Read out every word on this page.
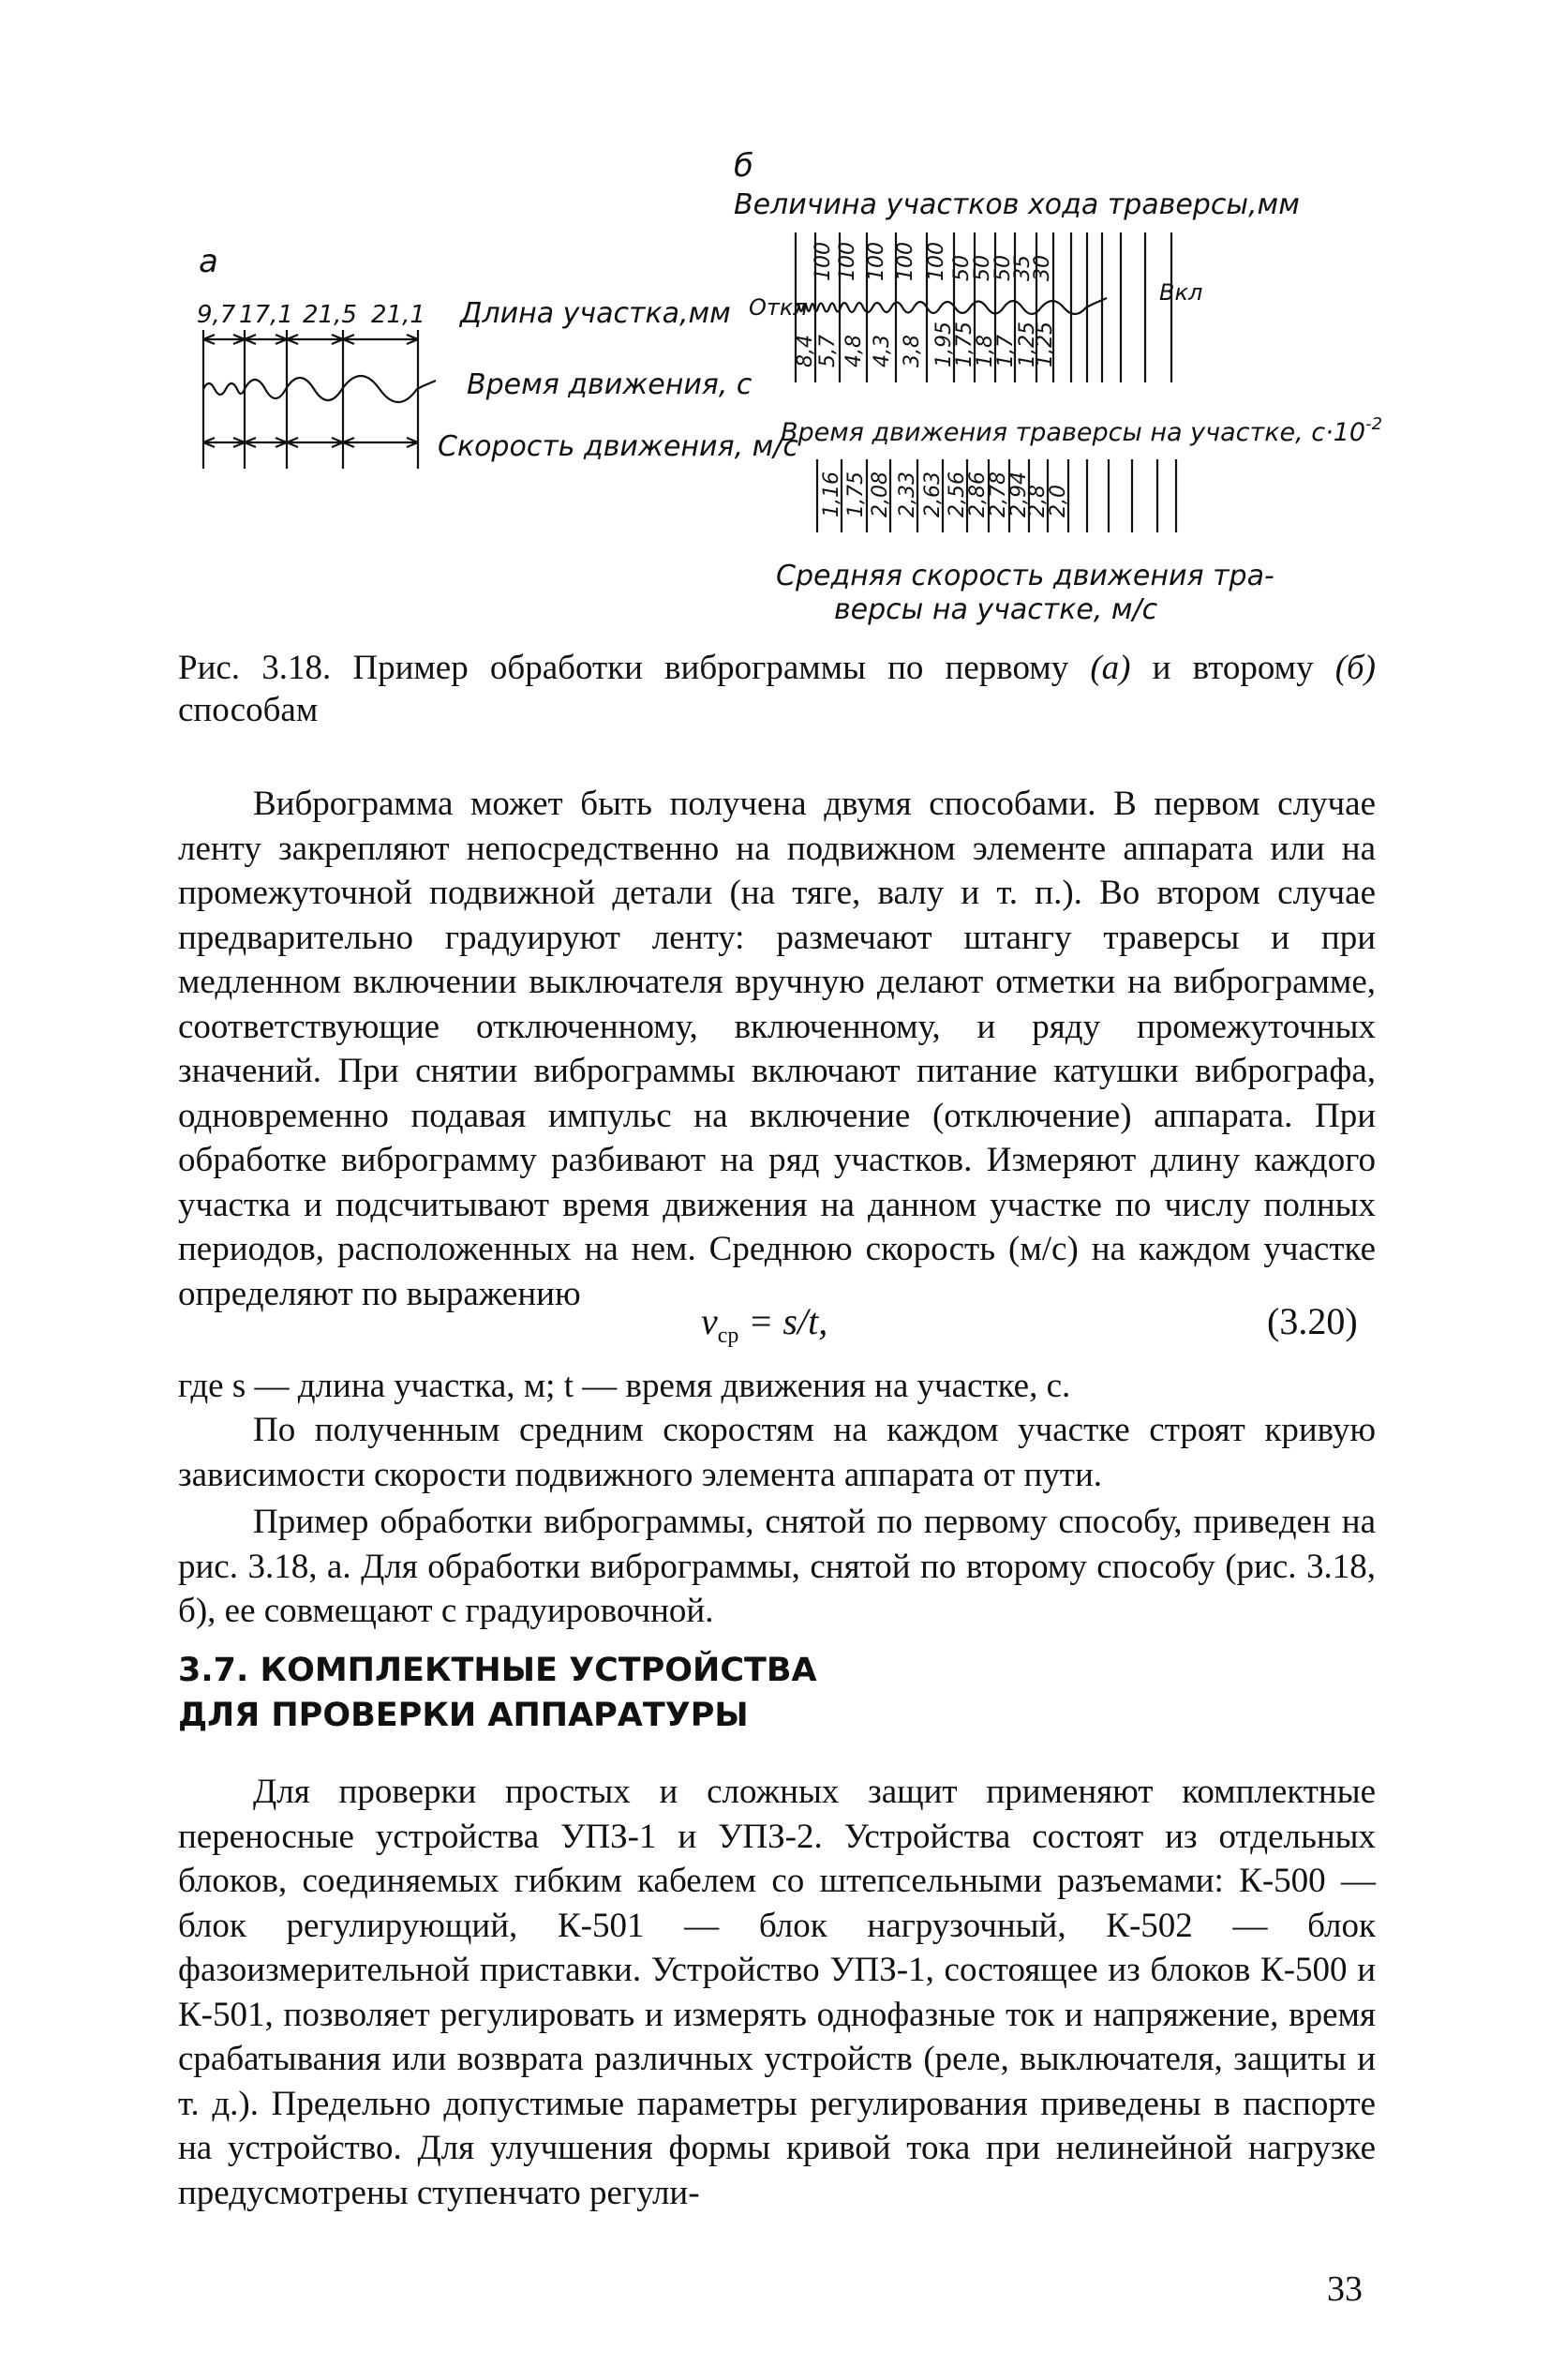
а
9,7 17,1 21,5 21,1 Длина участка,мм
Время движения, с
Скорость движения, м/с
б
Величина участков хода траверсы,мм
Откл
Вкл
100 100 100 100 100 50
50
50
35
30
8,4 5,7 4,8 4,3 3,8 1,95
1,75
1,8
1,7
1,25
1,25
Время движения траверсы на участке, $с\cdot 10^{-2}$
1,16 1,75 2,08 2,33 2,63 2,56
2,86
2,78
2,94
2,8
2,0
Средняя скорость движения тра-
версы на участке, м/с
Рис. 3.18. Пример обработки виброграммы по первому (а) и второму (б) способам

Виброграмма может быть получена двумя способами. В первом случае ленту закрепляют непосредственно на подвижном элементе аппарата или на промежуточной подвижной детали (на тяге, валу и т. п.). Во втором случае предварительно градуируют ленту: размечают штангу траверсы и при медленном включении выключателя вручную делают отметки на виброграмме, соответствующие отключенному, включенному, и ряду промежуточных значений. При снятии виброграммы включают питание катушки вибрографа, одновременно подавая импульс на включение (отключение) аппарата. При обработке виброграмму разбивают на ряд участков. Измеряют длину каждого участка и подсчитывают время движения на данном участке по числу полных периодов, расположенных на нем. Среднюю скорость (м/с) на каждом участке определяют по выражению

$v_{ср} = s/t$,	(3.20)
где s — длина участка, м; t — время движения на участке, с.

По полученным средним скоростям на каждом участке строят кривую зависимости скорости подвижного элемента аппарата от пути.

Пример обработки виброграммы, снятой по первому способу, приведен на рис. 3.18, а. Для обработки виброграммы, снятой по второму способу (рис. 3.18, б), ее совмещают с градуировочной.

3.7. КОМПЛЕКТНЫЕ УСТРОЙСТВА
ДЛЯ ПРОВЕРКИ АППАРАТУРЫ

Для проверки простых и сложных защит применяют комплектные переносные устройства УПЗ-1 и УПЗ-2. Устройства состоят из отдельных блоков, соединяемых гибким кабелем со штепсельными разъемами: К-500 — блок регулирующий, К-501 — блок нагрузочный, К-502 — блок фазоизмерительной приставки. Устройство УПЗ-1, состоящее из блоков К-500 и К-501, позволяет регулировать и измерять однофазные ток и напряжение, время срабатывания или возврата различных устройств (реле, выключателя, защиты и т. д.). Предельно допустимые параметры регулирования приведены в паспорте на устройство. Для улучшения формы кривой тока при нелинейной нагрузке предусмотрены ступенчато регули-

33
